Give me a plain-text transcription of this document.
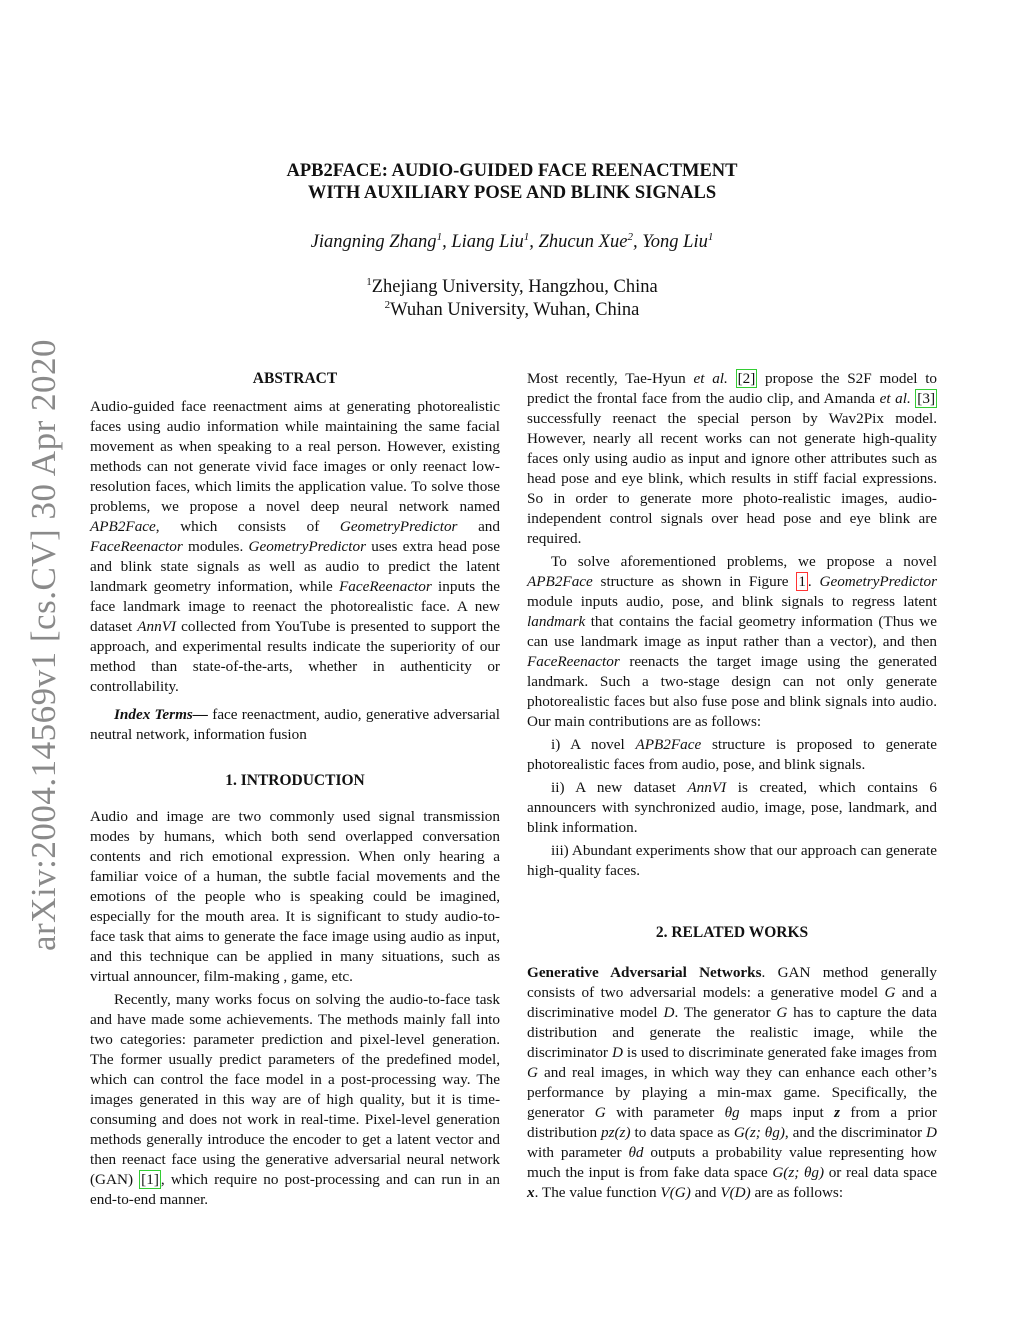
arXiv:2004.14569v1 [cs.CV] 30 Apr 2020
APB2FACE: AUDIO-GUIDED FACE REENACTMENT
WITH AUXILIARY POSE AND BLINK SIGNALS
Jiangning Zhang$^1$, Liang Liu$^1$, Zhucun Xue$^2$, Yong Liu$^1$
$^1$Zhejiang University, Hangzhou, China
$^2$Wuhan University, Wuhan, China
ABSTRACT

Audio-guided face reenactment aims at generating photorealistic faces using audio information while maintaining the same facial movement as when speaking to a real person. However, existing methods can not generate vivid face images or only reenact low-resolution faces, which limits the application value. To solve those problems, we propose a novel deep neural network named APB2Face, which consists of GeometryPredictor and FaceReenactor modules. GeometryPredictor uses extra head pose and blink state signals as well as audio to predict the latent landmark geometry information, while FaceReenactor inputs the face landmark image to reenact the photorealistic face. A new dataset AnnVI collected from YouTube is presented to support the approach, and experimental results indicate the superiority of our method than state-of-the-arts, whether in authenticity or controllability.

Index Terms— face reenactment, audio, generative adversarial neutral network, information fusion

1. INTRODUCTION

Audio and image are two commonly used signal transmission modes by humans, which both send overlapped conversation contents and rich emotional expression. When only hearing a familiar voice of a human, the subtle facial movements and the emotions of the people who is speaking could be imagined, especially for the mouth area. It is significant to study audio-to-face task that aims to generate the face image using audio as input, and this technique can be applied in many situations, such as virtual announcer, film-making , game, etc.

Recently, many works focus on solving the audio-to-face task and have made some achievements. The methods mainly fall into two categories: parameter prediction and pixel-level generation. The former usually predict parameters of the predefined model, which can control the face model in a post-processing way. The images generated in this way are of high quality, but it is time-consuming and does not work in real-time. Pixel-level generation methods generally introduce the encoder to get a latent vector and then reenact face using the generative adversarial neural network (GAN) [1] , which require no post-processing and can run in an end-to-end manner.

Most recently, Tae-Hyun et al. [2] propose the S2F model to predict the frontal face from the audio clip, and Amanda et al. [3] successfully reenact the special person by Wav2Pix model. However, nearly all recent works can not generate high-quality faces only using audio as input and ignore other attributes such as head pose and eye blink, which results in stiff facial expressions. So in order to generate more photo-realistic images, audio-independent control signals over head pose and eye blink are required.

To solve aforementioned problems, we propose a novel APB2Face structure as shown in Figure 1 . GeometryPredictor module inputs audio, pose, and blink signals to regress latent landmark that contains the facial geometry information (Thus we can use landmark image as input rather than a vector), and then FaceReenactor reenacts the target image using the generated landmark. Such a two-stage design can not only generate photorealistic faces but also fuse pose and blink signals into audio. Our main contributions are as follows:

i) A novel APB2Face structure is proposed to generate photorealistic faces from audio, pose, and blink signals.

ii) A new dataset AnnVI is created, which contains 6 announcers with synchronized audio, image, pose, landmark, and blink information.

iii) Abundant experiments show that our approach can generate high-quality faces.

2. RELATED WORKS

Generative Adversarial Networks. GAN method generally consists of two adversarial models: a generative model G and a discriminative model D. The generator G has to capture the data distribution and generate the realistic image, while the discriminator D is used to discriminate generated fake images from G and real images, in which way they can enhance each other’s performance by playing a min-max game. Specifically, the generator G with parameter θg maps input z from a prior distribution pz(z) to data space as G(z; θg), and the discriminator D with parameter θd outputs a probability value representing how much the input is from fake data space G(z; θg) or real data space x. The value function V(G) and V(D) are as follows:
